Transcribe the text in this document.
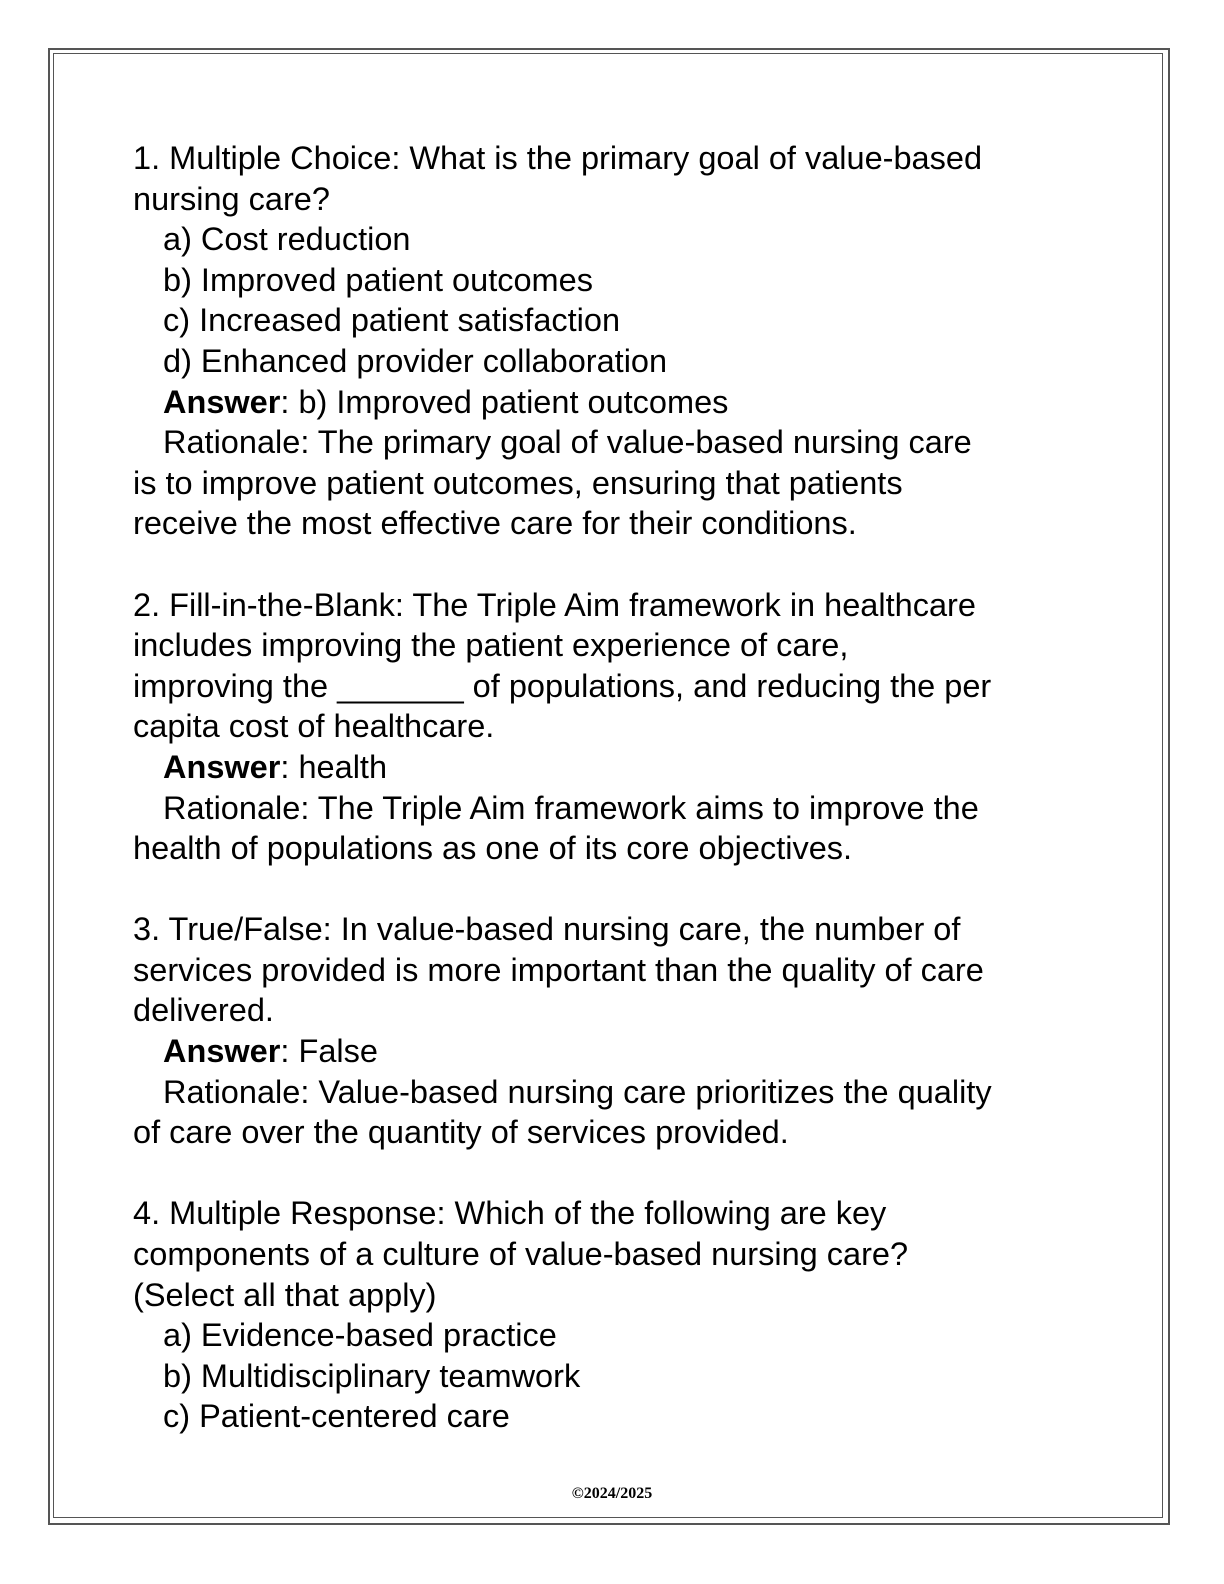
1. Multiple Choice: What is the primary goal of value-based
nursing care?
a) Cost reduction
b) Improved patient outcomes
c) Increased patient satisfaction
d) Enhanced provider collaboration
Answer: b) Improved patient outcomes
Rationale: The primary goal of value-based nursing care
is to improve patient outcomes, ensuring that patients
receive the most effective care for their conditions.
2. Fill-in-the-Blank: The Triple Aim framework in healthcare
includes improving the patient experience of care,
improving the _______ of populations, and reducing the per
capita cost of healthcare.
Answer: health
Rationale: The Triple Aim framework aims to improve the
health of populations as one of its core objectives.
3. True/False: In value-based nursing care, the number of
services provided is more important than the quality of care
delivered.
Answer: False
Rationale: Value-based nursing care prioritizes the quality
of care over the quantity of services provided.
4. Multiple Response: Which of the following are key
components of a culture of value-based nursing care?
(Select all that apply)
a) Evidence-based practice
b) Multidisciplinary teamwork
c) Patient-centered care
©2024/2025
